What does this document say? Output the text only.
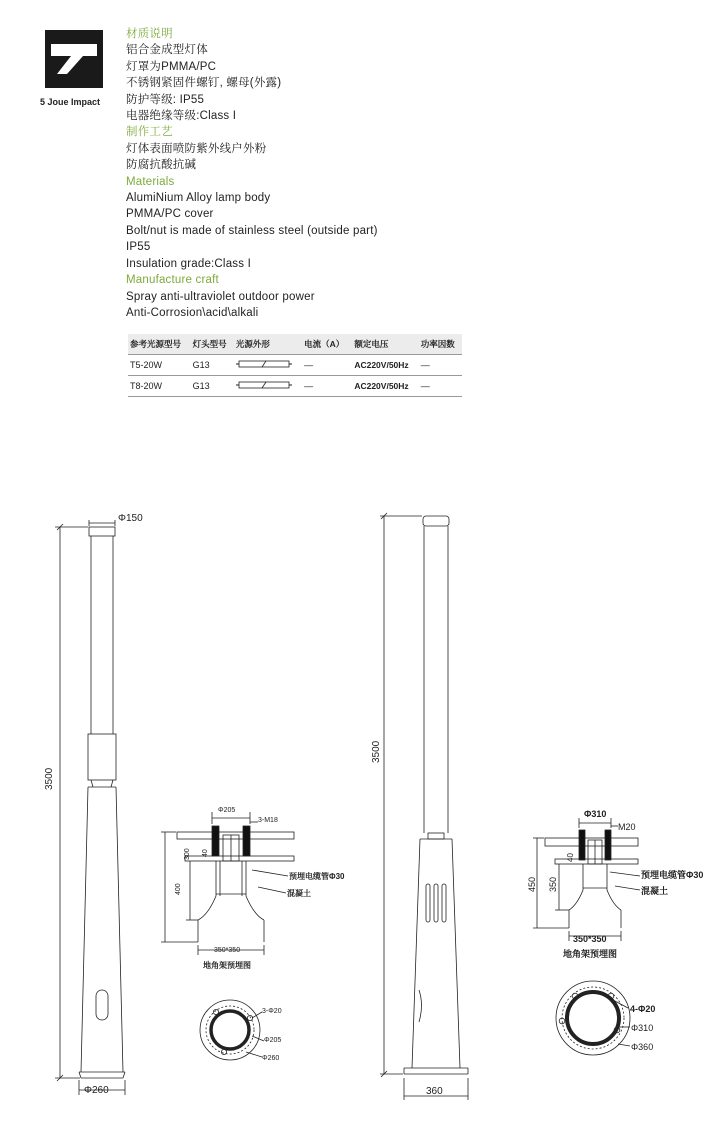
5 Joue Impact
材质说明
铝合金成型灯体
灯罩为PMMA/PC
不锈钢紧固件螺钉, 螺母(外露)
防护等级: IP55
电器绝缘等级:Class I
制作工艺
灯体表面喷防紫外线户外粉
防腐抗酸抗碱
Materials
AlumiNium Alloy lamp body
PMMA/PC cover
Bolt/nut is made of stainless steel (outside part)
IP55
Insulation grade:Class I
Manufacture craft
Spray anti-ultraviolet outdoor power
Anti-Corrosion\acid\alkali
参考光源型号	灯头型号	光源外形	电流（A）	额定电压	功率因数
T5-20W	G13		—	AC220V/50Hz	—
T8-20W	G13		—	AC220V/50Hz	—
Φ150
3500
Φ260
Φ205
3-M18
300 40
400
预埋电缆管Φ30
混凝土
350*350
地角架预埋图
3-Φ20
Φ205
Φ260
3500
360
Φ310
M20
40
350
450
预埋电缆管Φ30
混凝土
350*350
地角架预埋图
4-Φ20
Φ310
Φ360
